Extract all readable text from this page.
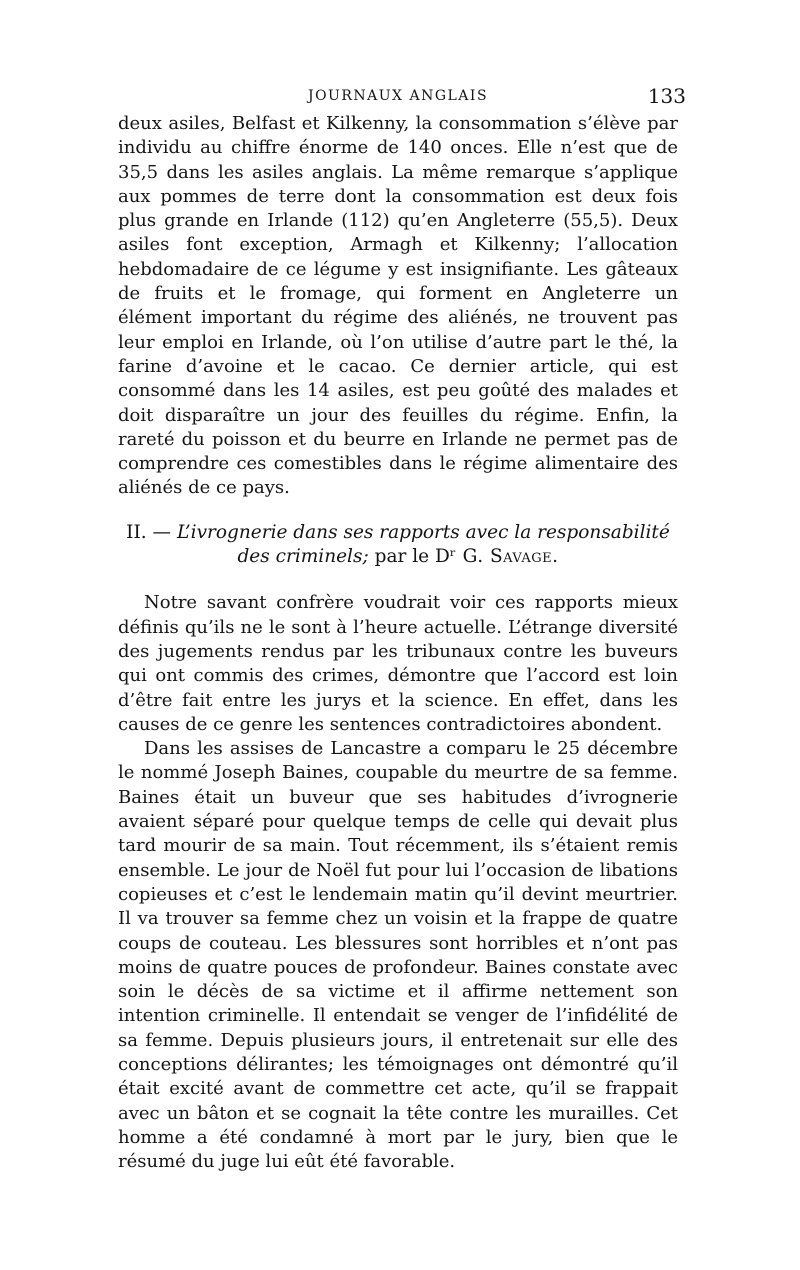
JOURNAUX ANGLAIS	133

deux asiles, Belfast et Kilkenny, la consommation s’élève par individu au chiffre énorme de 140 onces. Elle n’est que de 35,5 dans les asiles anglais. La même remarque s’applique aux pommes de terre dont la consommation est deux fois plus grande en Irlande (112) qu’en Angleterre (55,5). Deux asiles font exception, Armagh et Kilkenny; l’allocation hebdomadaire de ce légume y est insignifiante. Les gâteaux de fruits et le fromage, qui forment en Angleterre un élément important du régime des aliénés, ne trouvent pas leur emploi en Irlande, où l’on utilise d’autre part le thé, la farine d’avoine et le cacao. Ce dernier article, qui est consommé dans les 14 asiles, est peu goûté des malades et doit disparaître un jour des feuilles du régime. Enfin, la rareté du poisson et du beurre en Irlande ne permet pas de comprendre ces comestibles dans le régime alimentaire des aliénés de ce pays.

II. — L’ivrognerie dans ses rapports avec la responsabilité
des criminels; par le Dʳ G. Savage.

Notre savant confrère voudrait voir ces rapports mieux définis qu’ils ne le sont à l’heure actuelle. L’étrange diversité des jugements rendus par les tribunaux contre les buveurs qui ont commis des crimes, démontre que l’accord est loin d’être fait entre les jurys et la science. En effet, dans les causes de ce genre les sentences contradictoires abondent.

Dans les assises de Lancastre a comparu le 25 décembre le nommé Joseph Baines, coupable du meurtre de sa femme. Baines était un buveur que ses habitudes d’ivrognerie avaient séparé pour quelque temps de celle qui devait plus tard mourir de sa main. Tout récemment, ils s’étaient remis ensemble. Le jour de Noël fut pour lui l’occasion de libations copieuses et c’est le lendemain matin qu’il devint meurtrier. Il va trouver sa femme chez un voisin et la frappe de quatre coups de couteau. Les blessures sont horribles et n’ont pas moins de quatre pouces de profondeur. Baines constate avec soin le décès de sa victime et il affirme nettement son intention criminelle. Il entendait se venger de l’infidélité de sa femme. Depuis plusieurs jours, il entretenait sur elle des conceptions délirantes; les témoignages ont démontré qu’il était excité avant de commettre cet acte, qu’il se frappait avec un bâton et se cognait la tête contre les murailles. Cet homme a été condamné à mort par le jury, bien que le résumé du juge lui eût été favorable.
